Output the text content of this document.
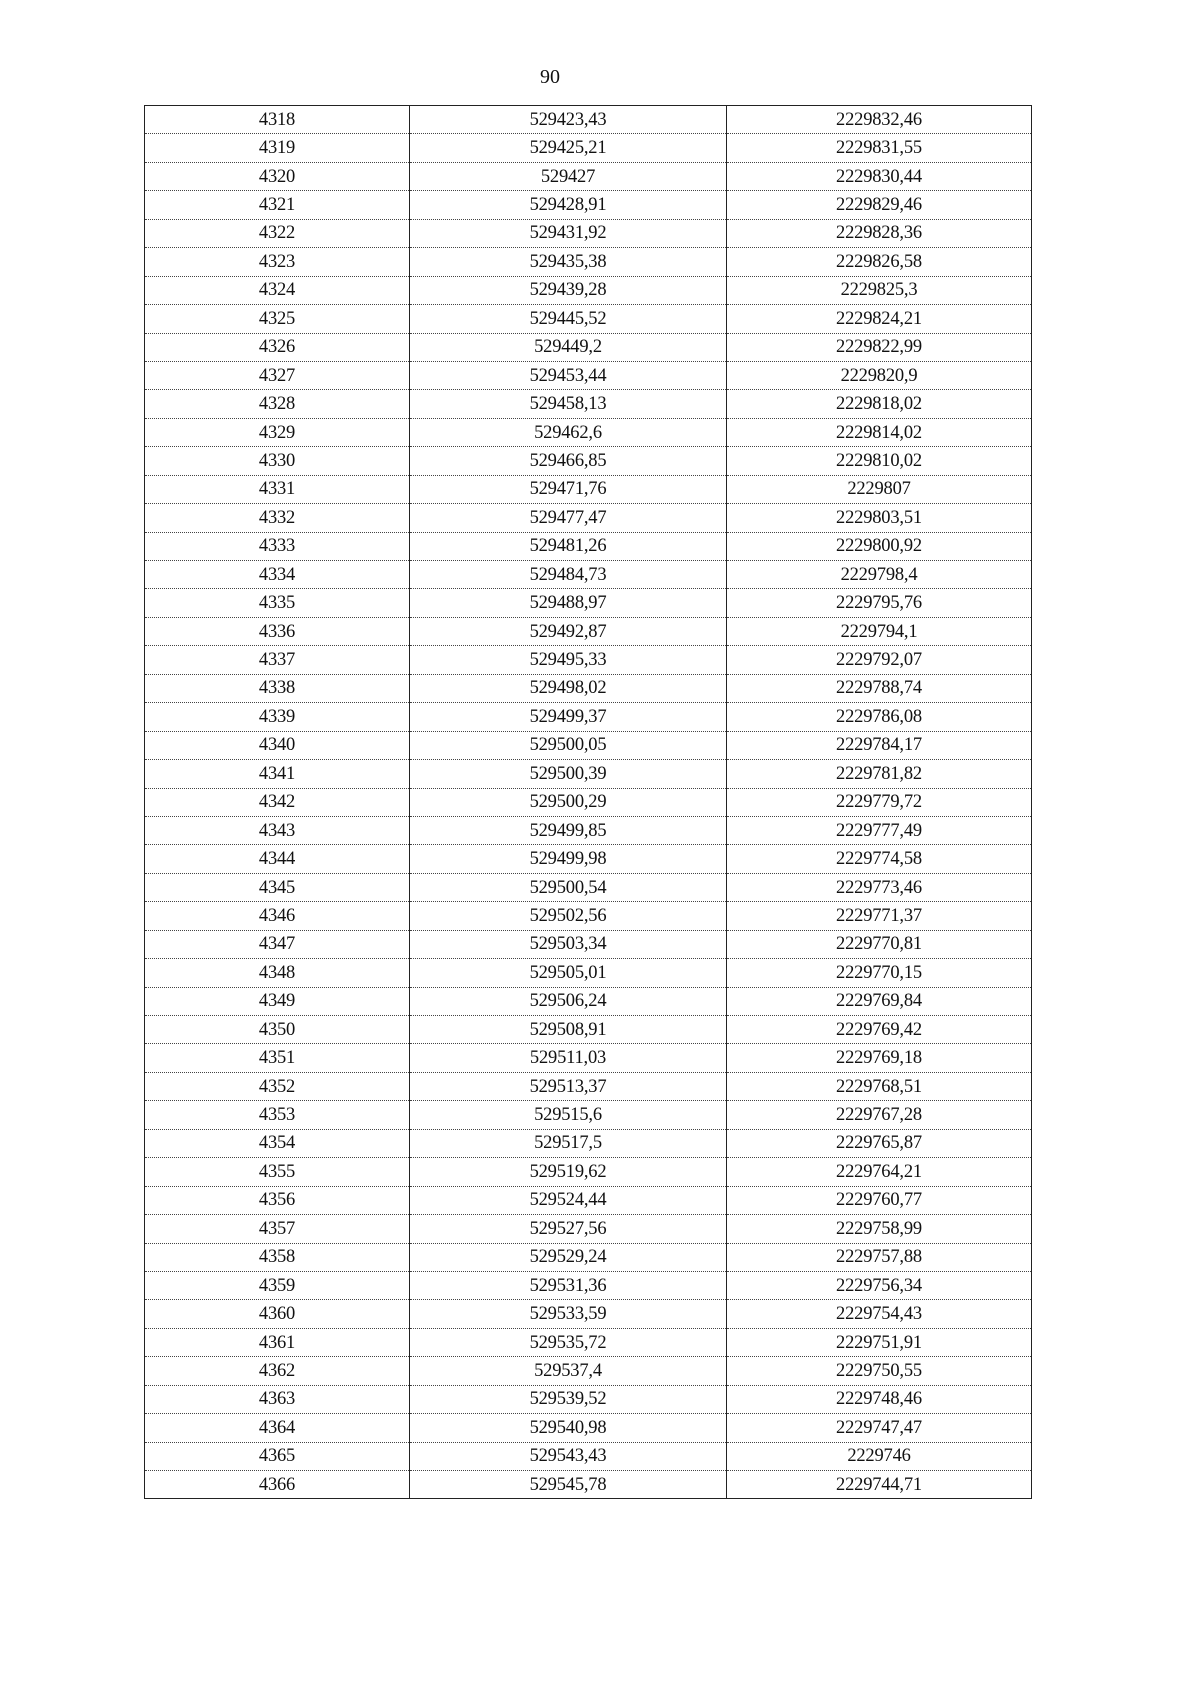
90
4318	529423,43	2229832,46
4319	529425,21	2229831,55
4320	529427	2229830,44
4321	529428,91	2229829,46
4322	529431,92	2229828,36
4323	529435,38	2229826,58
4324	529439,28	2229825,3
4325	529445,52	2229824,21
4326	529449,2	2229822,99
4327	529453,44	2229820,9
4328	529458,13	2229818,02
4329	529462,6	2229814,02
4330	529466,85	2229810,02
4331	529471,76	2229807
4332	529477,47	2229803,51
4333	529481,26	2229800,92
4334	529484,73	2229798,4
4335	529488,97	2229795,76
4336	529492,87	2229794,1
4337	529495,33	2229792,07
4338	529498,02	2229788,74
4339	529499,37	2229786,08
4340	529500,05	2229784,17
4341	529500,39	2229781,82
4342	529500,29	2229779,72
4343	529499,85	2229777,49
4344	529499,98	2229774,58
4345	529500,54	2229773,46
4346	529502,56	2229771,37
4347	529503,34	2229770,81
4348	529505,01	2229770,15
4349	529506,24	2229769,84
4350	529508,91	2229769,42
4351	529511,03	2229769,18
4352	529513,37	2229768,51
4353	529515,6	2229767,28
4354	529517,5	2229765,87
4355	529519,62	2229764,21
4356	529524,44	2229760,77
4357	529527,56	2229758,99
4358	529529,24	2229757,88
4359	529531,36	2229756,34
4360	529533,59	2229754,43
4361	529535,72	2229751,91
4362	529537,4	2229750,55
4363	529539,52	2229748,46
4364	529540,98	2229747,47
4365	529543,43	2229746
4366	529545,78	2229744,71
